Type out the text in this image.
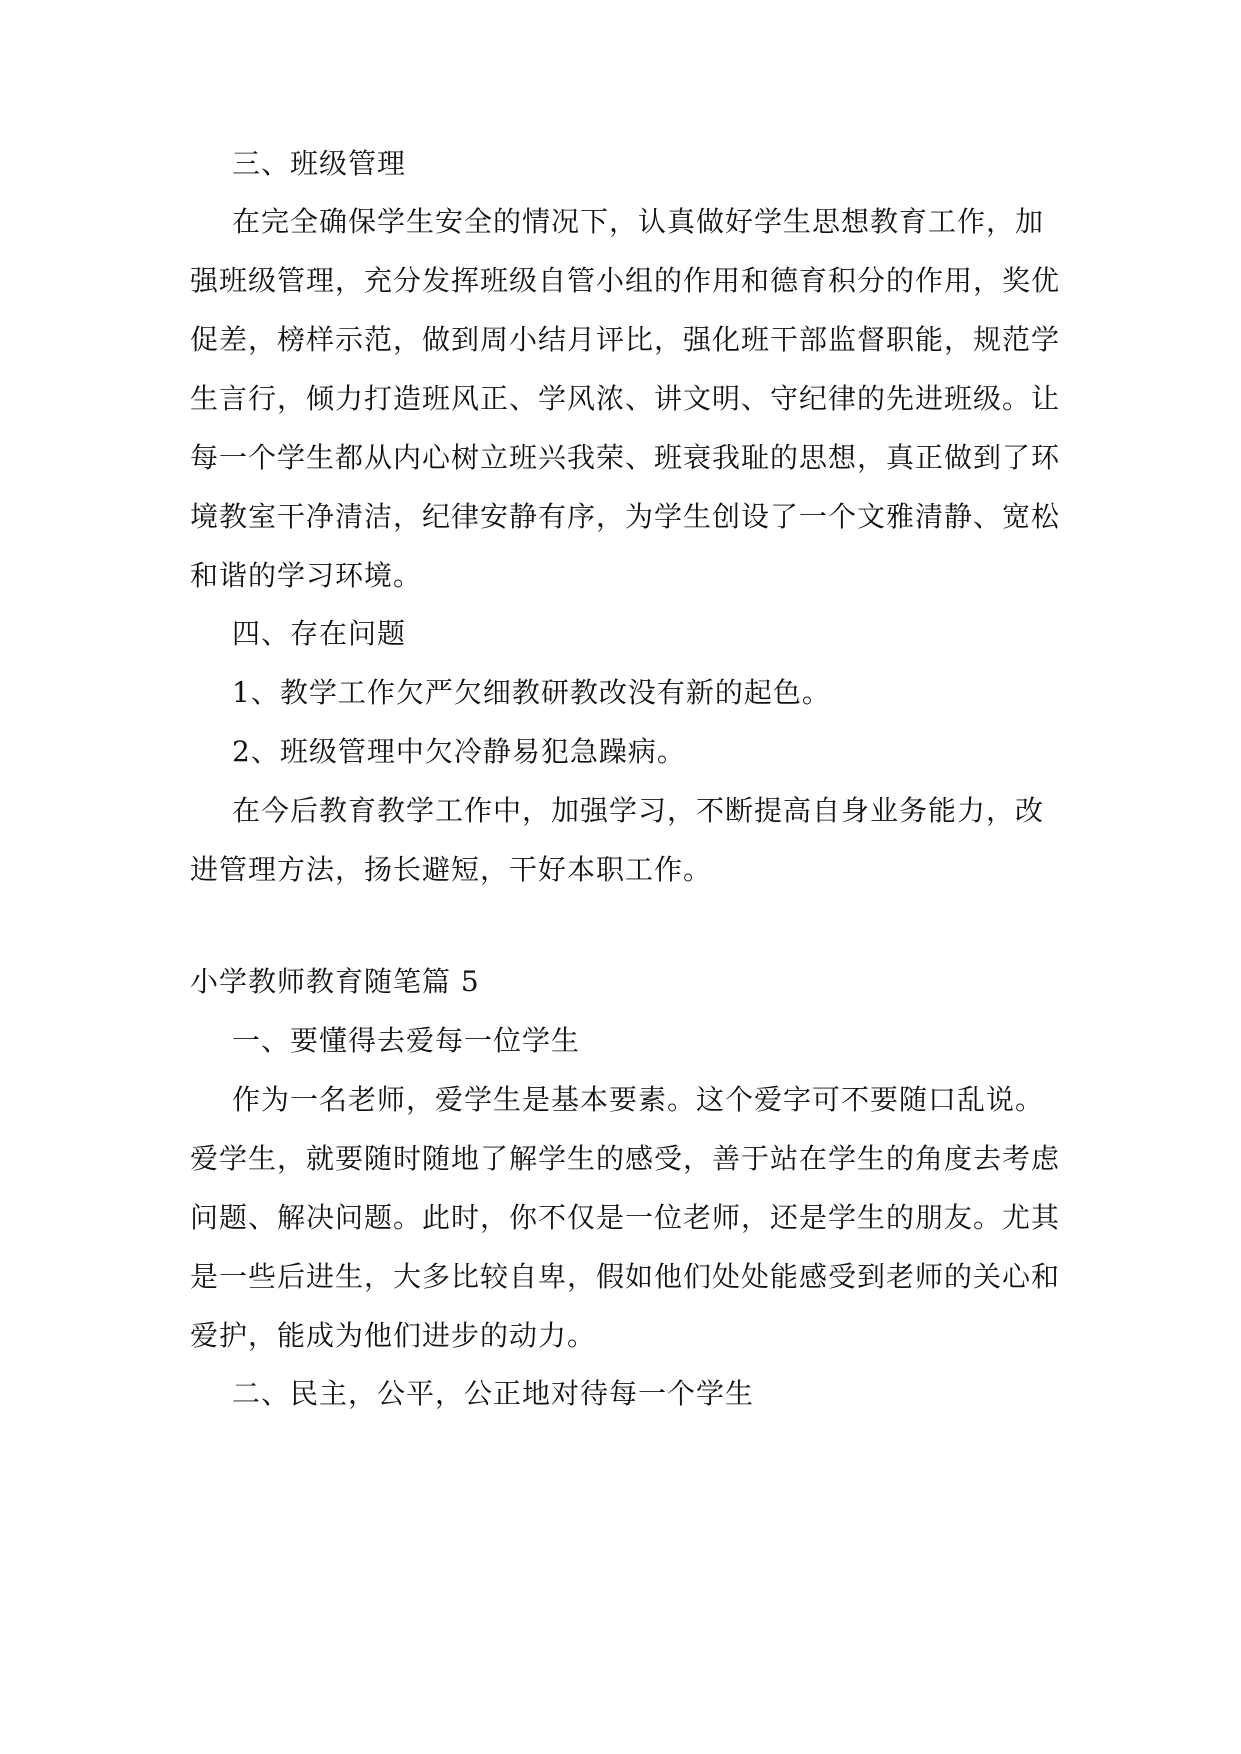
三、班级管理
在完全确保学生安全的情况下，认真做好学生思想教育工作，加
强班级管理，充分发挥班级自管小组的作用和德育积分的作用，奖优
促差，榜样示范，做到周小结月评比，强化班干部监督职能，规范学
生言行，倾力打造班风正、学风浓、讲文明、守纪律的先进班级。让
每一个学生都从内心树立班兴我荣、班衰我耻的思想，真正做到了环
境教室干净清洁，纪律安静有序，为学生创设了一个文雅清静、宽松
和谐的学习环境。
四、存在问题
1、教学工作欠严欠细教研教改没有新的起色。
2、班级管理中欠冷静易犯急躁病。
在今后教育教学工作中，加强学习，不断提高自身业务能力，改
进管理方法，扬长避短，干好本职工作。
小学教师教育随笔篇 5
一、要懂得去爱每一位学生
作为一名老师，爱学生是基本要素。这个爱字可不要随口乱说。
爱学生，就要随时随地了解学生的感受，善于站在学生的角度去考虑
问题、解决问题。此时，你不仅是一位老师，还是学生的朋友。尤其
是一些后进生，大多比较自卑，假如他们处处能感受到老师的关心和
爱护，能成为他们进步的动力。
二、民主，公平，公正地对待每一个学生
